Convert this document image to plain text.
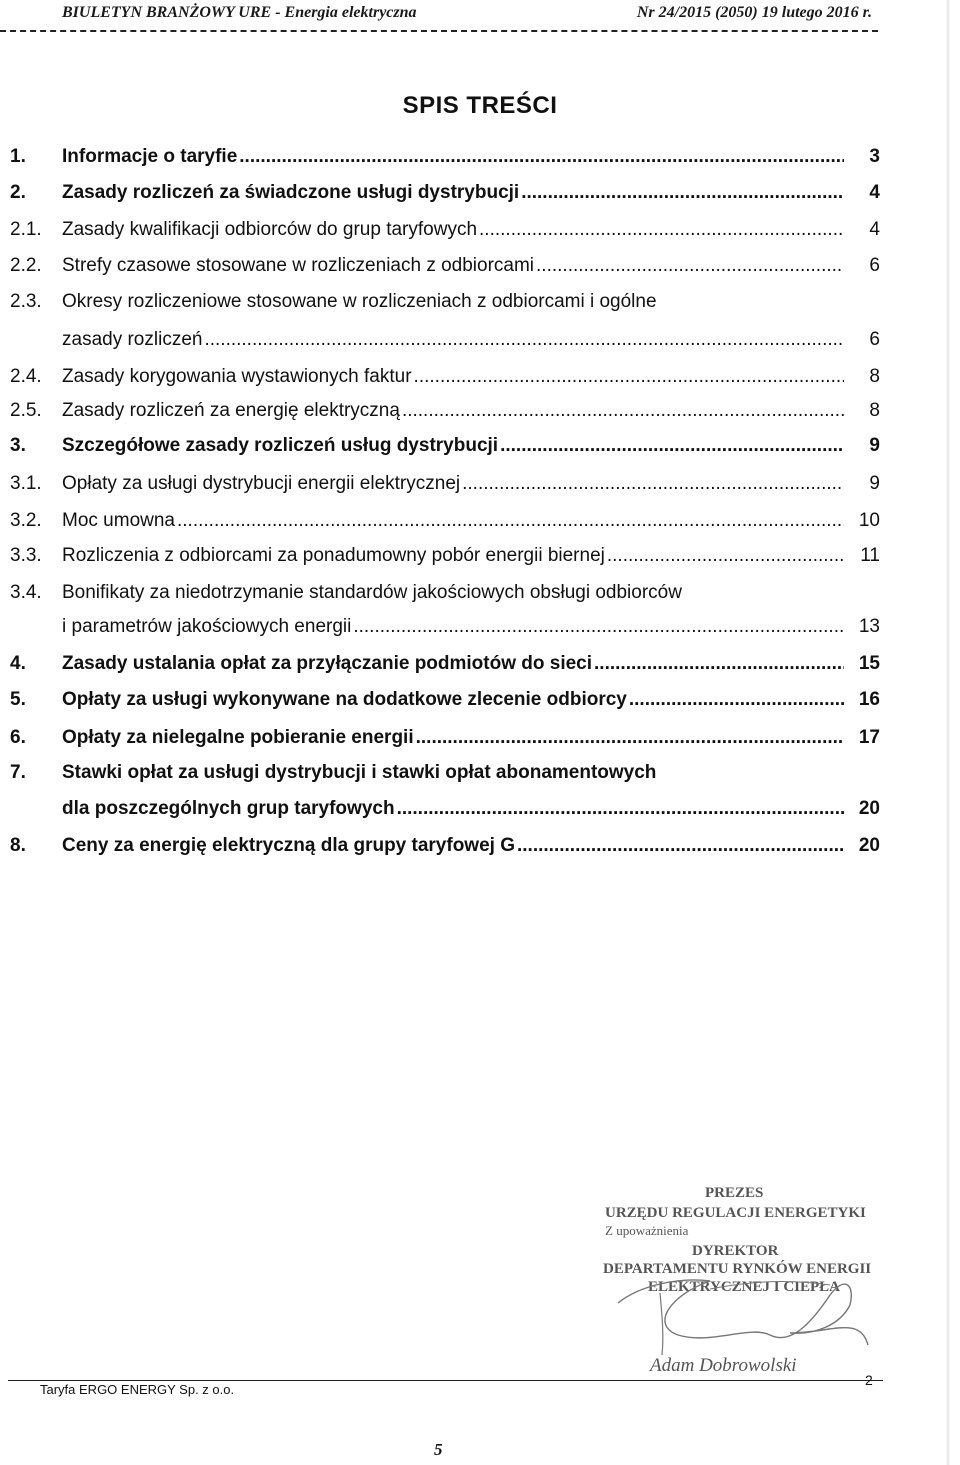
BIULETYN BRANŻOWY URE - Energia elektryczna	Nr 24/2015 (2050) 19 lutego 2016 r.
SPIS TREŚCI
1.	Informacje o taryfie .....	3
2.	Zasady rozliczeń za świadczone usługi dystrybucji .....	4
2.1.	Zasady kwalifikacji odbiorców do grup taryfowych .....	4
2.2.	Strefy czasowe stosowane w rozliczeniach z odbiorcami .....	6
2.3.	Okresy rozliczeniowe stosowane w rozliczeniach z odbiorcami i ogólne
zasady rozliczeń .....	6
2.4.	Zasady korygowania wystawionych faktur .....	8
2.5.	Zasady rozliczeń za energię elektryczną .....	8
3.	Szczegółowe zasady rozliczeń usług dystrybucji .....	9
3.1.	Opłaty za usługi dystrybucji energii elektrycznej .....	9
3.2.	Moc umowna .....	10
3.3.	Rozliczenia z odbiorcami za ponadumowny pobór energii biernej .....	11
3.4.	Bonifikaty za niedotrzymanie standardów jakościowych obsługi odbiorców
i parametrów jakościowych energii .....	13
4.	Zasady ustalania opłat za przyłączanie podmiotów do sieci .....	15
5.	Opłaty za usługi wykonywane na dodatkowe zlecenie odbiorcy .....	16
6.	Opłaty za nielegalne pobieranie energii .....	17
7.	Stawki opłat za usługi dystrybucji i stawki opłat abonamentowych
dla poszczególnych grup taryfowych .....	20
8.	Ceny za energię elektryczną dla grupy taryfowej G .....	20
PREZES
URZĘDU REGULACJI ENERGETYKI
Z upoważnienia
DYREKTOR
DEPARTAMENTU RYNKÓW ENERGII
ELEKTRYCZNEJ I CIEPŁA
Adam Dobrowolski
Taryfa ERGO ENERGY Sp. z o.o.
2
5
